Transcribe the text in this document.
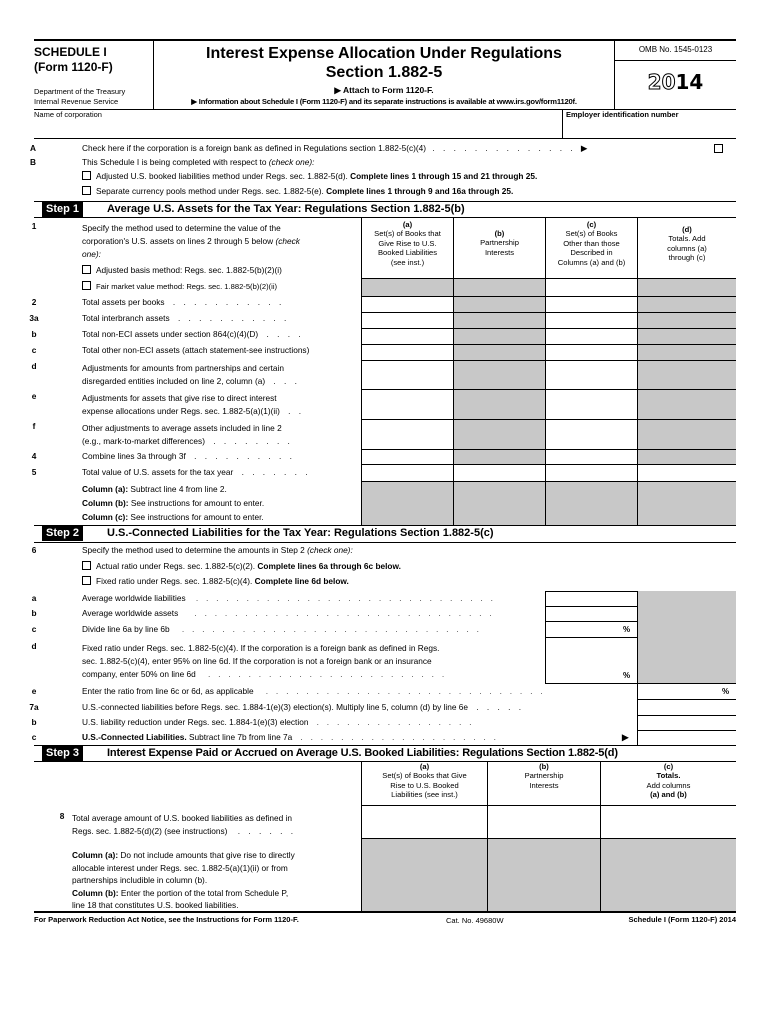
SCHEDULE I
(Form 1120-F)
Department of the Treasury
Internal Revenue Service
Interest Expense Allocation Under Regulations
Section 1.882-5
▶ Attach to Form 1120-F.
▶ Information about Schedule I (Form 1120-F) and its separate instructions is available at www.irs.gov/form1120f.
OMB No. 1545-0123
2014
Name of corporation	Employer identification number
A	Check here if the corporation is a foreign bank as defined in Regulations section 1.882-5(c)(4) . . . . . . . . . . . . . . ▶
B	This Schedule I is being completed with respect to (check one):
Adjusted U.S. booked liabilities method under Regs. sec. 1.882-5(d). Complete lines 1 through 15 and 21 through 25.
Separate currency pools method under Regs. sec. 1.882-5(e). Complete lines 1 through 9 and 16a through 25.
Step 1	Average U.S. Assets for the Tax Year: Regulations Section 1.882-5(b)
(a)
Set(s) of Books that
Give Rise to U.S.
Booked Liabilities
(see inst.)
(b)
Partnership
Interests
(c)
Set(s) of Books
Other than those
Described in
Columns (a) and (b)
(d)
Totals. Add
columns (a)
through (c)
1	Specify the method used to determine the value of the
corporation's U.S. assets on lines 2 through 5 below (check
one):
Adjusted basis method: Regs. sec. 1.882-5(b)(2)(i)
Fair market value method: Regs. sec. 1.882-5(b)(2)(ii)
2	Total assets per books . . . . . . . . . . .
3a	Total interbranch assets . . . . . . . . . . .
b	Total non-ECI assets under section 864(c)(4)(D) . . . .
c	Total other non-ECI assets (attach statement-see instructions)
d	Adjustments for amounts from partnerships and certain
disregarded entities included on line 2, column (a) . . .
e	Adjustments for assets that give rise to direct interest
expense allocations under Regs. sec. 1.882-5(a)(1)(ii) . .
f	Other adjustments to average assets included in line 2
(e.g., mark-to-market differences) . . . . . . . .
4	Combine lines 3a through 3f . . . . . . . . . .
5	Total value of U.S. assets for the tax year . . . . . . .
Column (a): Subtract line 4 from line 2.
Column (b): See instructions for amount to enter.
Column (c): See instructions for amount to enter.
Step 2	U.S.-Connected Liabilities for the Tax Year: Regulations Section 1.882-5(c)
6	Specify the method used to determine the amounts in Step 2 (check one):
Actual ratio under Regs. sec. 1.882-5(c)(2). Complete lines 6a through 6c below.
Fixed ratio under Regs. sec. 1.882-5(c)(4). Complete line 6d below.
a	Average worldwide liabilities . . . . . . . . . . . . . . . . . . . . . . . . . . . . . .
b	Average worldwide assets . . . . . . . . . . . . . . . . . . . . . . . . . . . . . .
c	Divide line 6a by line 6b . . . . . . . . . . . . . . . . . . . . . . . . . . . . . .	%
d	Fixed ratio under Regs. sec. 1.882-5(c)(4). If the corporation is a foreign bank as defined in Regs.
sec. 1.882-5(c)(4), enter 95% on line 6d. If the corporation is not a foreign bank or an insurance
company, enter 50% on line 6d . . . . . . . . . . . . . . . . . . . . . . . .	%
e	Enter the ratio from line 6c or 6d, as applicable . . . . . . . . . . . . . . . . . . . . . . . . . . . .	%
7a	U.S.-connected liabilities before Regs. sec. 1.884-1(e)(3) election(s). Multiply line 5, column (d) by line 6e . . . . .
b	U.S. liability reduction under Regs. sec. 1.884-1(e)(3) election . . . . . . . . . . . . . . . .
c	U.S.-Connected Liabilities. Subtract line 7b from line 7a . . . . . . . . . . . . . . . . . . . .	▶
Step 3	Interest Expense Paid or Accrued on Average U.S. Booked Liabilities: Regulations Section 1.882-5(d)
(a)
Set(s) of Books that Give
Rise to U.S. Booked
Liabilities (see inst.)
(b)
Partnership
Interests
(c)
Totals.
Add columns
(a) and (b)
8 Total average amount of U.S. booked liabilities as defined in
Regs. sec. 1.882-5(d)(2) (see instructions) . . . . . .
Column (a): Do not include amounts that give rise to directly
allocable interest under Regs. sec. 1.882-5(a)(1)(ii) or from
partnerships includible in column (b).
Column (b): Enter the portion of the total from Schedule P,
line 18 that constitutes U.S. booked liabilities.
For Paperwork Reduction Act Notice, see the Instructions for Form 1120-F.	Cat. No. 49680W	Schedule I (Form 1120-F) 2014
